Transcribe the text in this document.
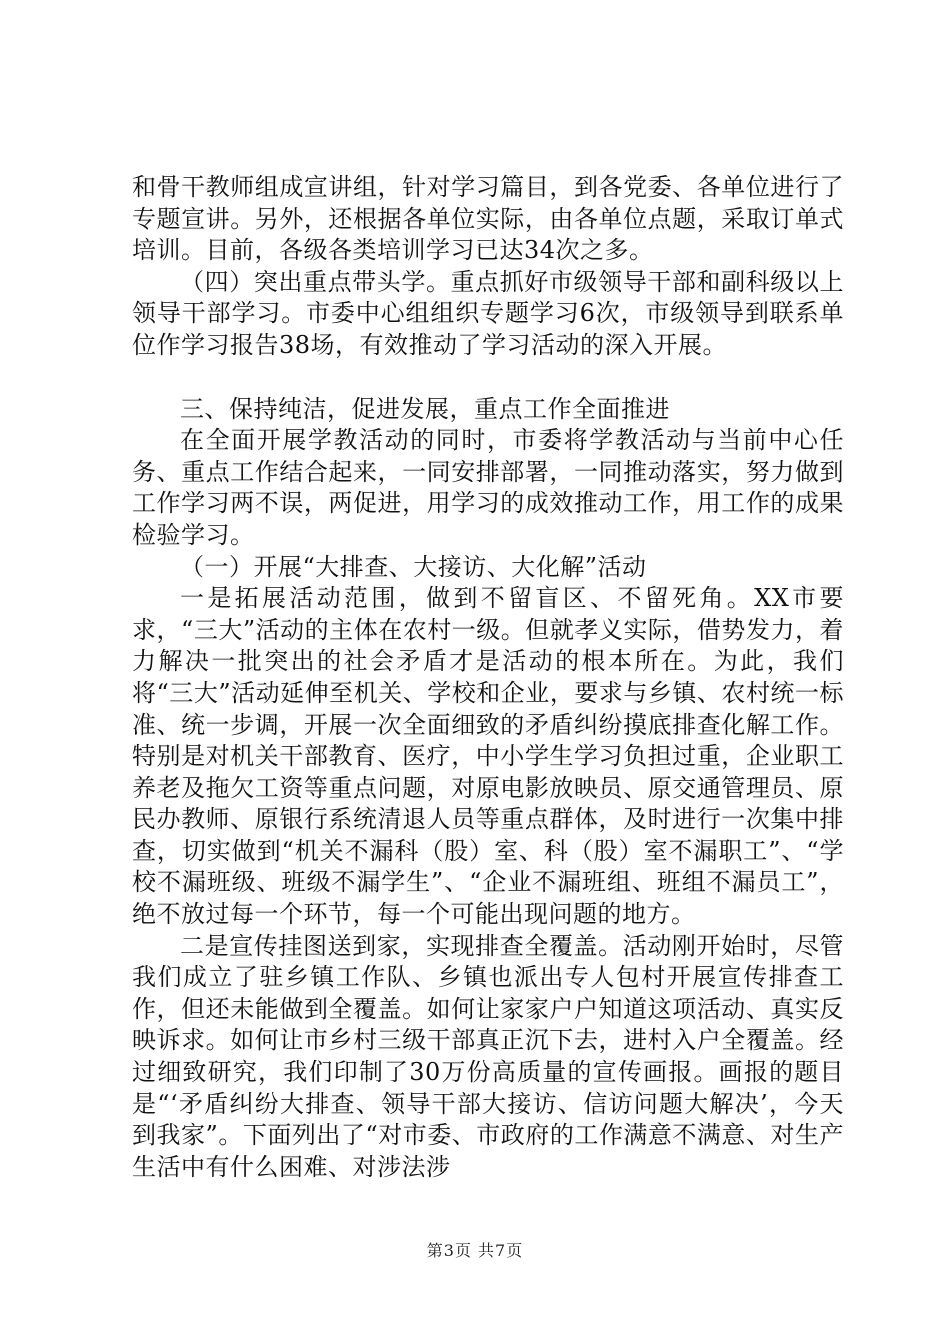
和骨干教师组成宣讲组，针对学习篇目，到各党委、各单位进行了专题宣讲。另外，还根据各单位实际，由各单位点题，采取订单式培训。目前，各级各类培训学习已达34次之多。

（四）突出重点带头学。重点抓好市级领导干部和副科级以上领导干部学习。市委中心组组织专题学习6次，市级领导到联系单位作学习报告38场，有效推动了学习活动的深入开展。

三、保持纯洁，促进发展，重点工作全面推进

在全面开展学教活动的同时，市委将学教活动与当前中心任务、重点工作结合起来，一同安排部署，一同推动落实，努力做到工作学习两不误，两促进，用学习的成效推动工作，用工作的成果检验学习。

（一）开展“大排查、大接访、大化解”活动

一是拓展活动范围，做到不留盲区、不留死角。XX市要求，“三大”活动的主体在农村一级。但就孝义实际，借势发力，着力解决一批突出的社会矛盾才是活动的根本所在。为此，我们将“三大”活动延伸至机关、学校和企业，要求与乡镇、农村统一标准、统一步调，开展一次全面细致的矛盾纠纷摸底排查化解工作。特别是对机关干部教育、医疗，中小学生学习负担过重，企业职工养老及拖欠工资等重点问题，对原电影放映员、原交通管理员、原民办教师、原银行系统清退人员等重点群体，及时进行一次集中排查，切实做到“机关不漏科（股）室、科（股）室不漏职工”、“学校不漏班级、班级不漏学生”、“企业不漏班组、班组不漏员工”，绝不放过每一个环节，每一个可能出现问题的地方。

二是宣传挂图送到家，实现排查全覆盖。活动刚开始时，尽管我们成立了驻乡镇工作队、乡镇也派出专人包村开展宣传排查工作，但还未能做到全覆盖。如何让家家户户知道这项活动、真实反映诉求。如何让市乡村三级干部真正沉下去，进村入户全覆盖。经过细致研究，我们印制了30万份高质量的宣传画报。画报的题目是“‘矛盾纠纷大排查、领导干部大接访、信访问题大解决’，今天到我家”。下面列出了“对市委、市政府的工作满意不满意、对生产生活中有什么困难、对涉法涉

第3页 共7页
